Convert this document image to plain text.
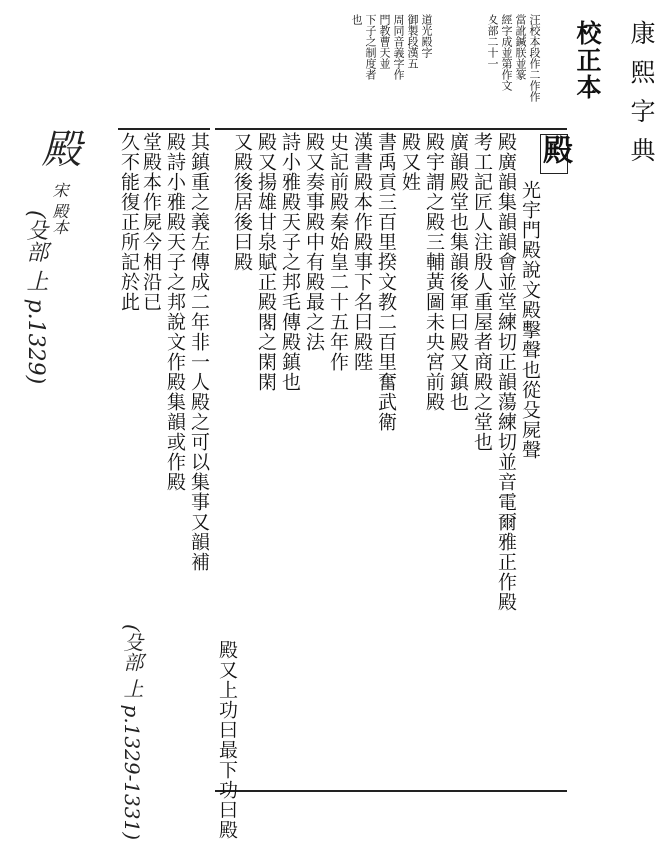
康熙字典
校正本
汪校本段作二作作
當訛鍼朕並篆
經字成並第作文
夊部二十一
道光殿字
御製段漢五
周同音義字作
門教曹天並
下子之制度者
也
殿
光宇門殿說文殿擊聲也從殳屍聲
殿廣韻集韻韻會並堂練切正韻蕩練切並音電爾雅正作殿
考工記匠人注殷人重屋者商殿之堂也
廣韻殿堂也集韻後軍曰殿又鎮也
殿宇謂之殿三輔黃圖未央宮前殿
殿又姓
書禹貢三百里揆文教二百里奮武衛
漢書殿本作殿事下名曰殿陛
史記前殿秦始皇二十五年作
殿又奏事殿中有殿最之法
詩小雅殿天子之邦毛傳殿鎮也
殿又揚雄甘泉賦正殿閣之閑閑
又殿後居後曰殿
殿又上功曰最下功曰殿
其鎮重之義左傳成二年非一人殿之可以集事又韻補
殿詩小雅殿天子之邦說文作殿集韻或作殿
堂殿本作屍今相沿已
久不能復正所記於此
殿
宋 殿本
(殳部 上 p.1329)
(殳部 上 p.1329-1331)
